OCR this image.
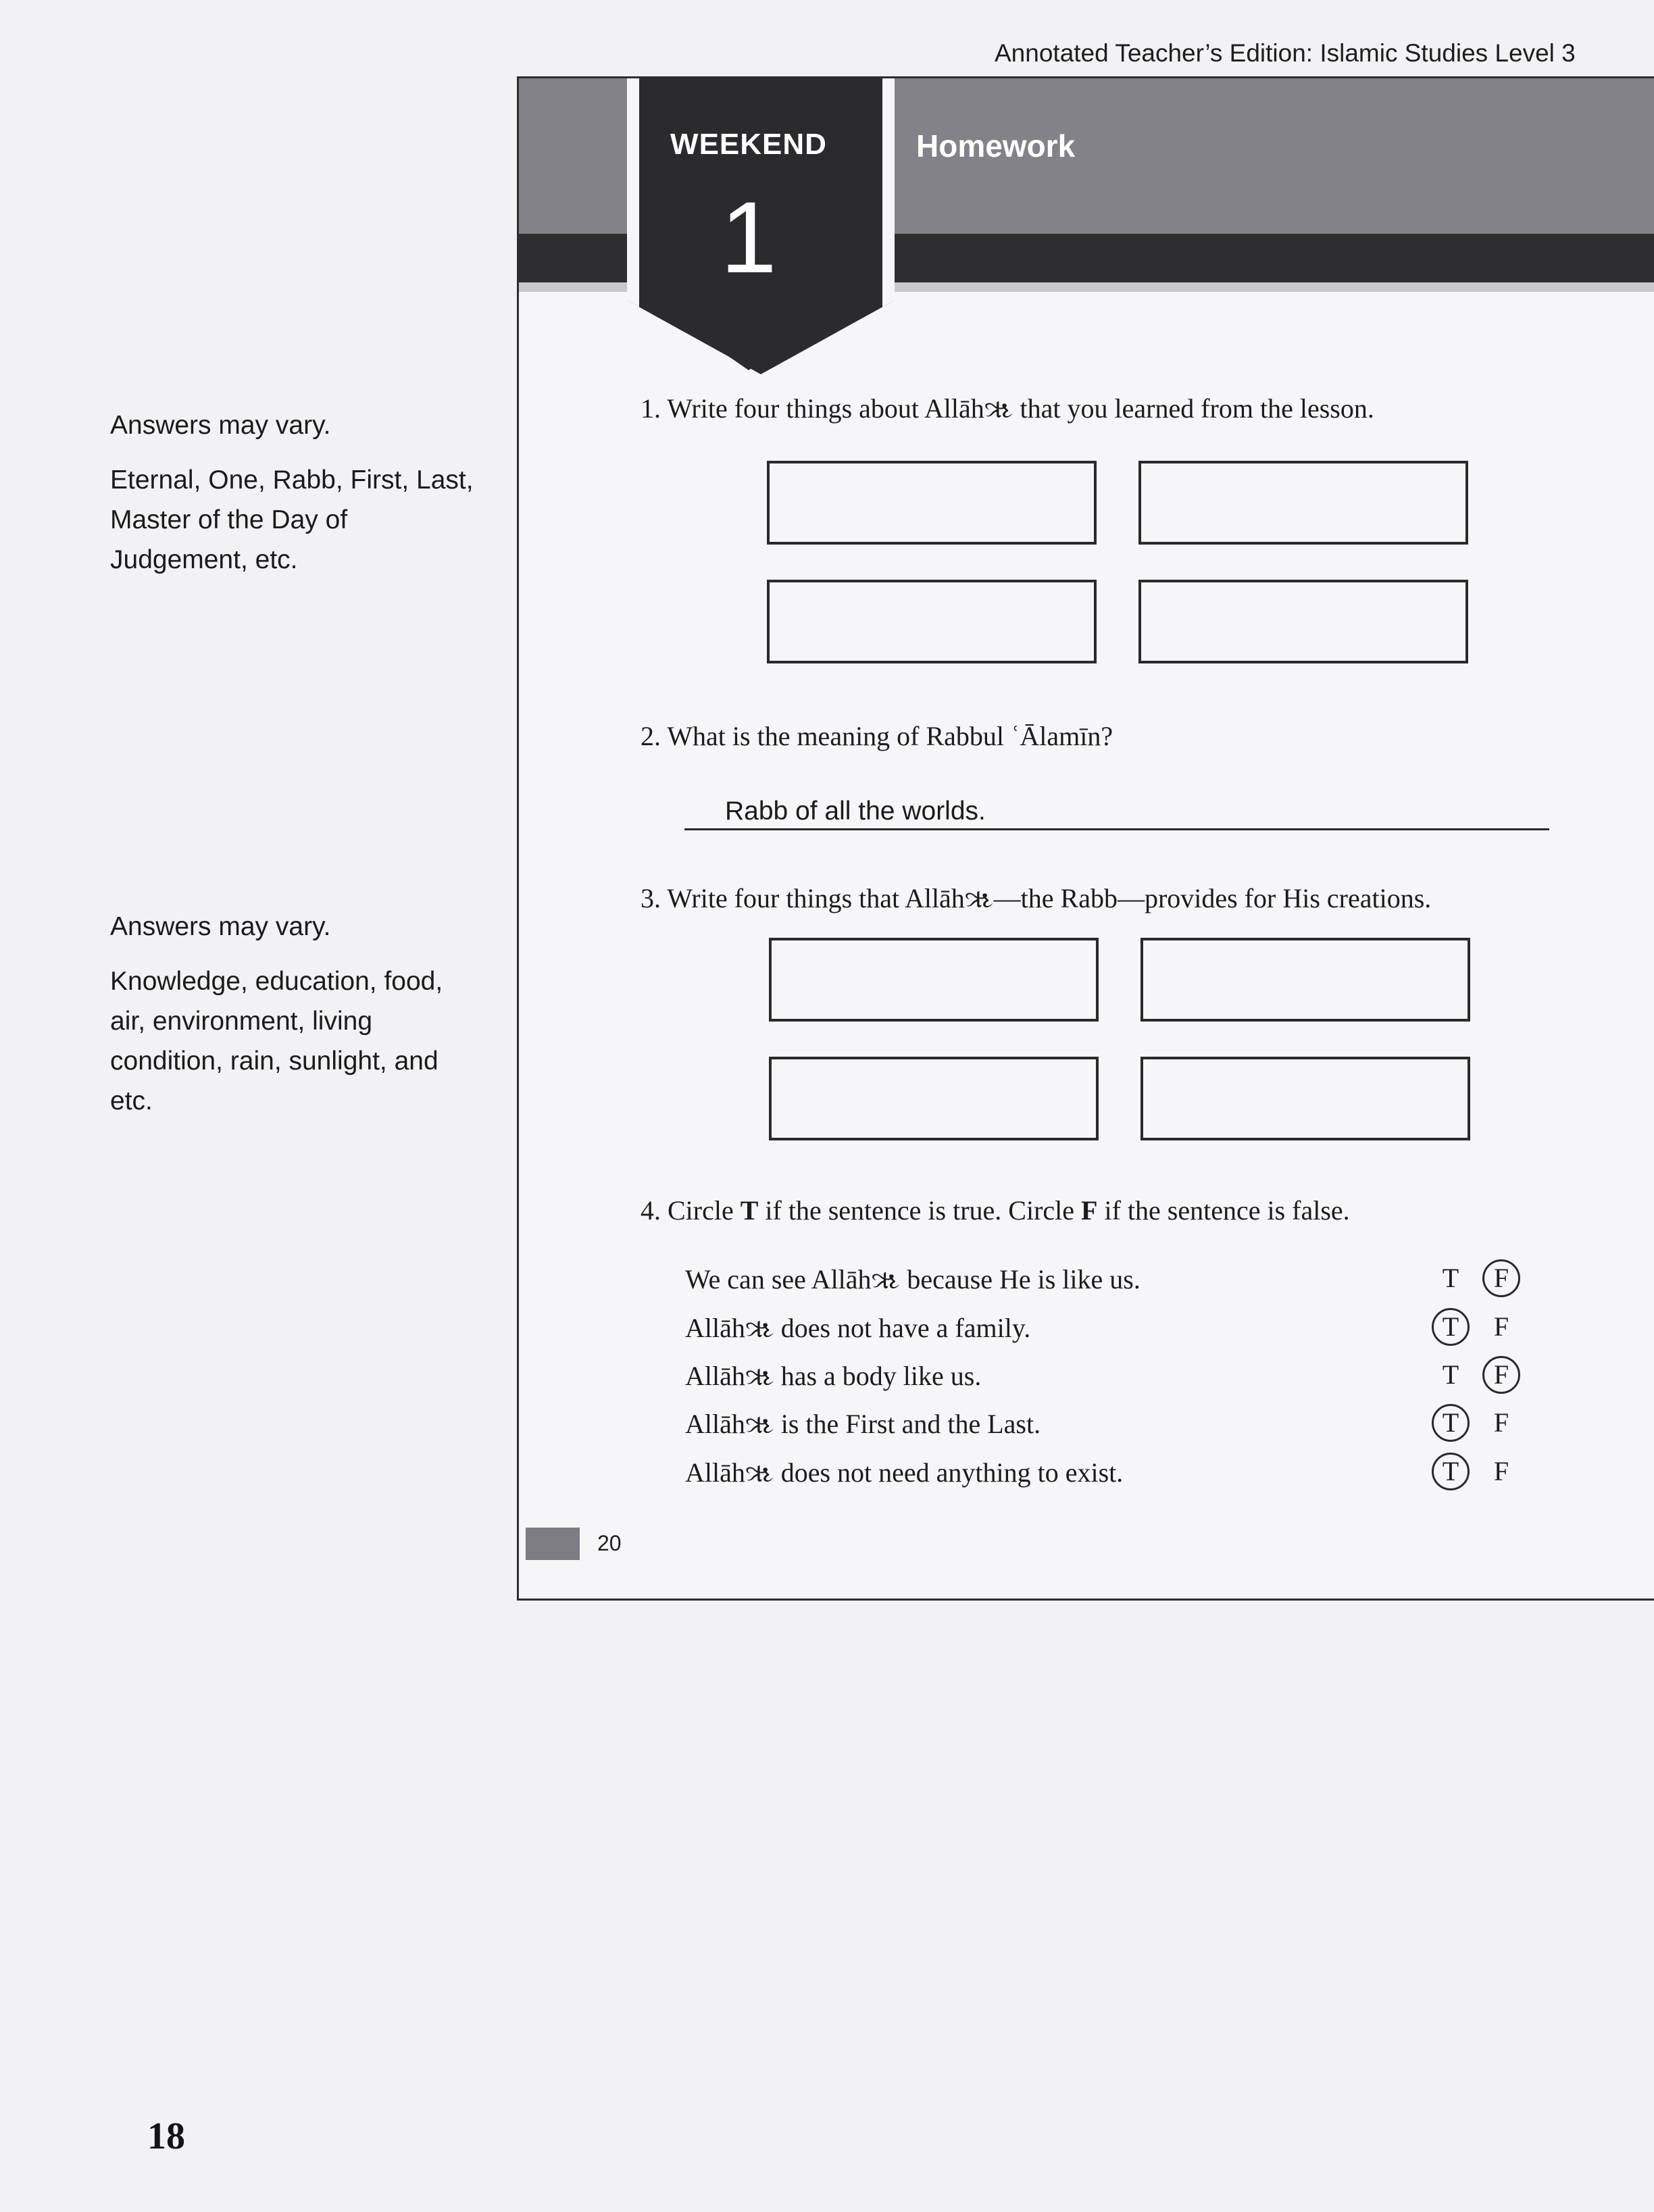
Annotated Teacher’s Edition: Islamic Studies Level 3

Answers may vary.

Eternal, One, Rabb, First, Last, Master of the Day of Judgement, etc.

Answers may vary.

Knowledge, education, food, air, environment, living condition, rain, sunlight, and etc.

WEEKEND
1
Homework
1. Write four things about Allāhૠ that you learned from the lesson.
2. What is the meaning of Rabbul ʿĀlamīn?
Rabb of all the worlds.
3. Write four things that Allāhૠ—the Rabb—provides for His creations.
4. Circle T if the sentence is true. Circle F if the sentence is false.
We can see Allāhૠ because He is like us.	T	F
Allāhૠ does not have a family.	T	F
Allāhૠ has a body like us.	T	F
Allāhૠ is the First and the Last.	T	F
Allāhૠ does not need anything to exist.	T	F
20
18
